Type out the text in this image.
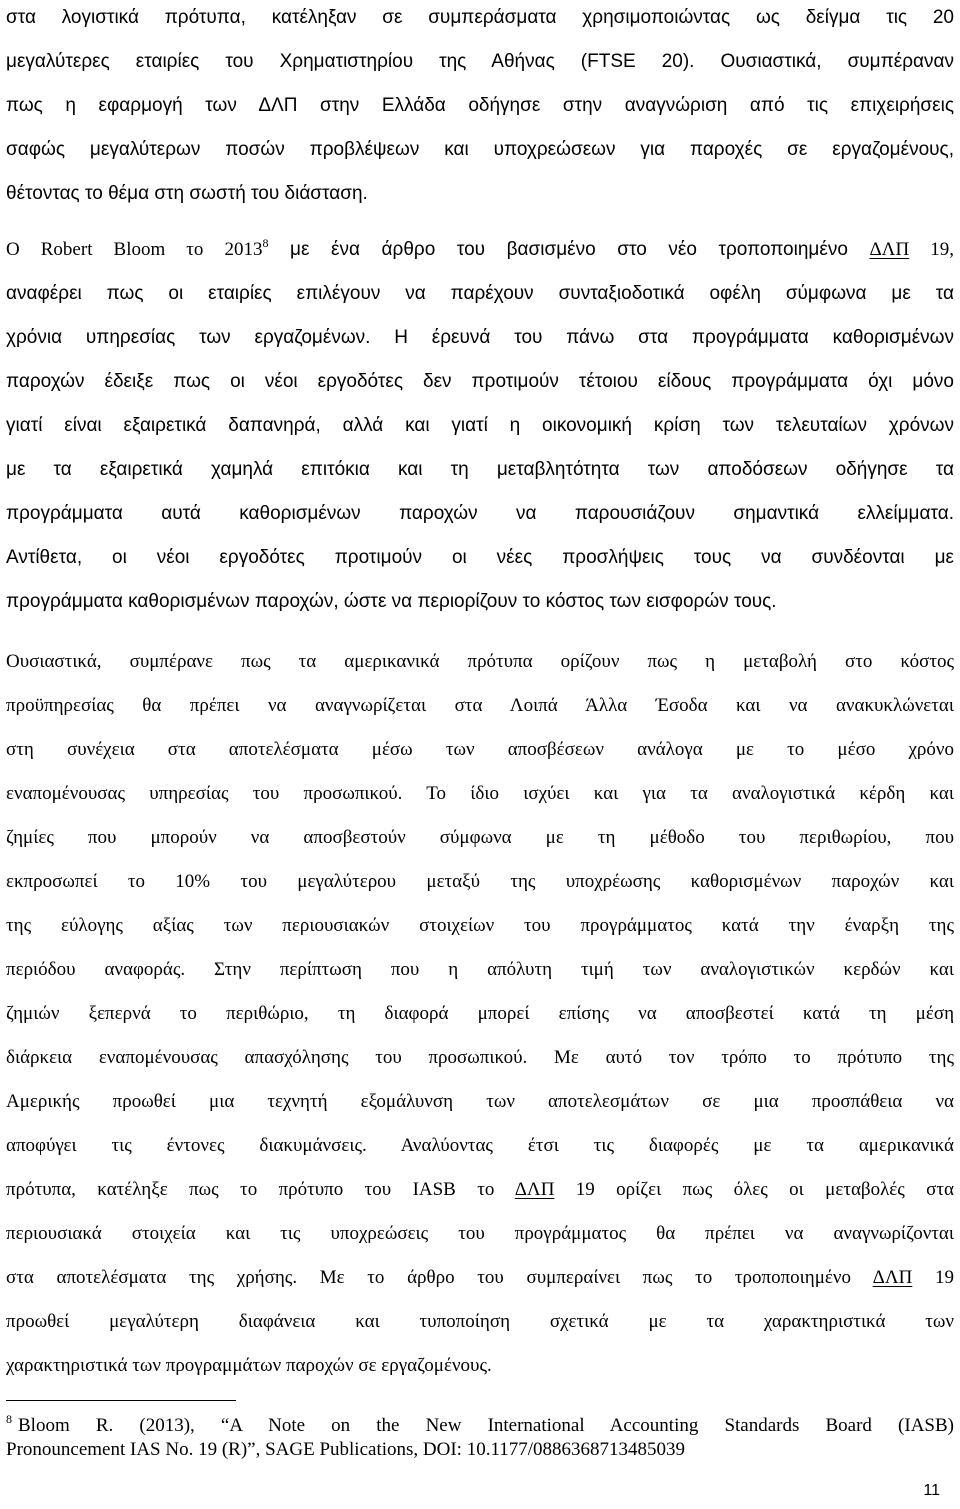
στα λογιστικά πρότυπα, κατέληξαν σε συμπεράσματα χρησιμοποιώντας ως δείγμα τις 20
μεγαλύτερες εταιρίες του Χρηματιστηρίου της Αθήνας (FTSE 20). Ουσιαστικά, συμπέραναν
πως η εφαρμογή των ΔΛΠ στην Ελλάδα οδήγησε στην αναγνώριση από τις επιχειρήσεις
σαφώς μεγαλύτερων ποσών προβλέψεων και υποχρεώσεων για παροχές σε εργαζομένους,
θέτοντας το θέμα στη σωστή του διάσταση.
Ο Robert Bloom το 2013$^8$ με ένα άρθρο του βασισμένο στο νέο τροποποιημένο ΔΛΠ 19,
αναφέρει πως οι εταιρίες επιλέγουν να παρέχουν συνταξιοδοτικά οφέλη σύμφωνα με τα
χρόνια υπηρεσίας των εργαζομένων. Η έρευνά του πάνω στα προγράμματα καθορισμένων
παροχών έδειξε πως οι νέοι εργοδότες δεν προτιμούν τέτοιου είδους προγράμματα όχι μόνο
γιατί είναι εξαιρετικά δαπανηρά, αλλά και γιατί η οικονομική κρίση των τελευταίων χρόνων
με τα εξαιρετικά χαμηλά επιτόκια και τη μεταβλητότητα των αποδόσεων οδήγησε τα
προγράμματα αυτά καθορισμένων παροχών να παρουσιάζουν σημαντικά ελλείμματα.
Αντίθετα, οι νέοι εργοδότες προτιμούν οι νέες προσλήψεις τους να συνδέονται με
προγράμματα καθορισμένων παροχών, ώστε να περιορίζουν το κόστος των εισφορών τους.
Ουσιαστικά, συμπέρανε πως τα αμερικανικά πρότυπα ορίζουν πως η μεταβολή στο κόστος
προϋπηρεσίας θα πρέπει να αναγνωρίζεται στα Λοιπά Άλλα Έσοδα και να ανακυκλώνεται
στη συνέχεια στα αποτελέσματα μέσω των αποσβέσεων ανάλογα με το μέσο χρόνο
εναπομένουσας υπηρεσίας του προσωπικού. Το ίδιο ισχύει και για τα αναλογιστικά κέρδη και
ζημίες που μπορούν να αποσβεστούν σύμφωνα με τη μέθοδο του περιθωρίου, που
εκπροσωπεί το 10% του μεγαλύτερου μεταξύ της υποχρέωσης καθορισμένων παροχών και
της εύλογης αξίας των περιουσιακών στοιχείων του προγράμματος κατά την έναρξη της
περιόδου αναφοράς. Στην περίπτωση που η απόλυτη τιμή των αναλογιστικών κερδών και
ζημιών ξεπερνά το περιθώριο, τη διαφορά μπορεί επίσης να αποσβεστεί κατά τη μέση
διάρκεια εναπομένουσας απασχόλησης του προσωπικού. Με αυτό τον τρόπο το πρότυπο της
Αμερικής προωθεί μια τεχνητή εξομάλυνση των αποτελεσμάτων σε μια προσπάθεια να
αποφύγει τις έντονες διακυμάνσεις. Αναλύοντας έτσι τις διαφορές με τα αμερικανικά
πρότυπα, κατέληξε πως το πρότυπο του IASB το ΔΛΠ 19 ορίζει πως όλες οι μεταβολές στα
περιουσιακά στοιχεία και τις υποχρεώσεις του προγράμματος θα πρέπει να αναγνωρίζονται
στα αποτελέσματα της χρήσης. Με το άρθρο του συμπεραίνει πως το τροποποιημένο ΔΛΠ 19
προωθεί μεγαλύτερη διαφάνεια και τυποποίηση σχετικά με τα χαρακτηριστικά των
χαρακτηριστικά των προγραμμάτων παροχών σε εργαζομένους.
$^8$ Bloom R. (2013), “A Note on the New International Accounting Standards Board (IASB)
Pronouncement IAS No. 19 (R)”, SAGE Publications, DOI: 10.1177/0886368713485039
11
